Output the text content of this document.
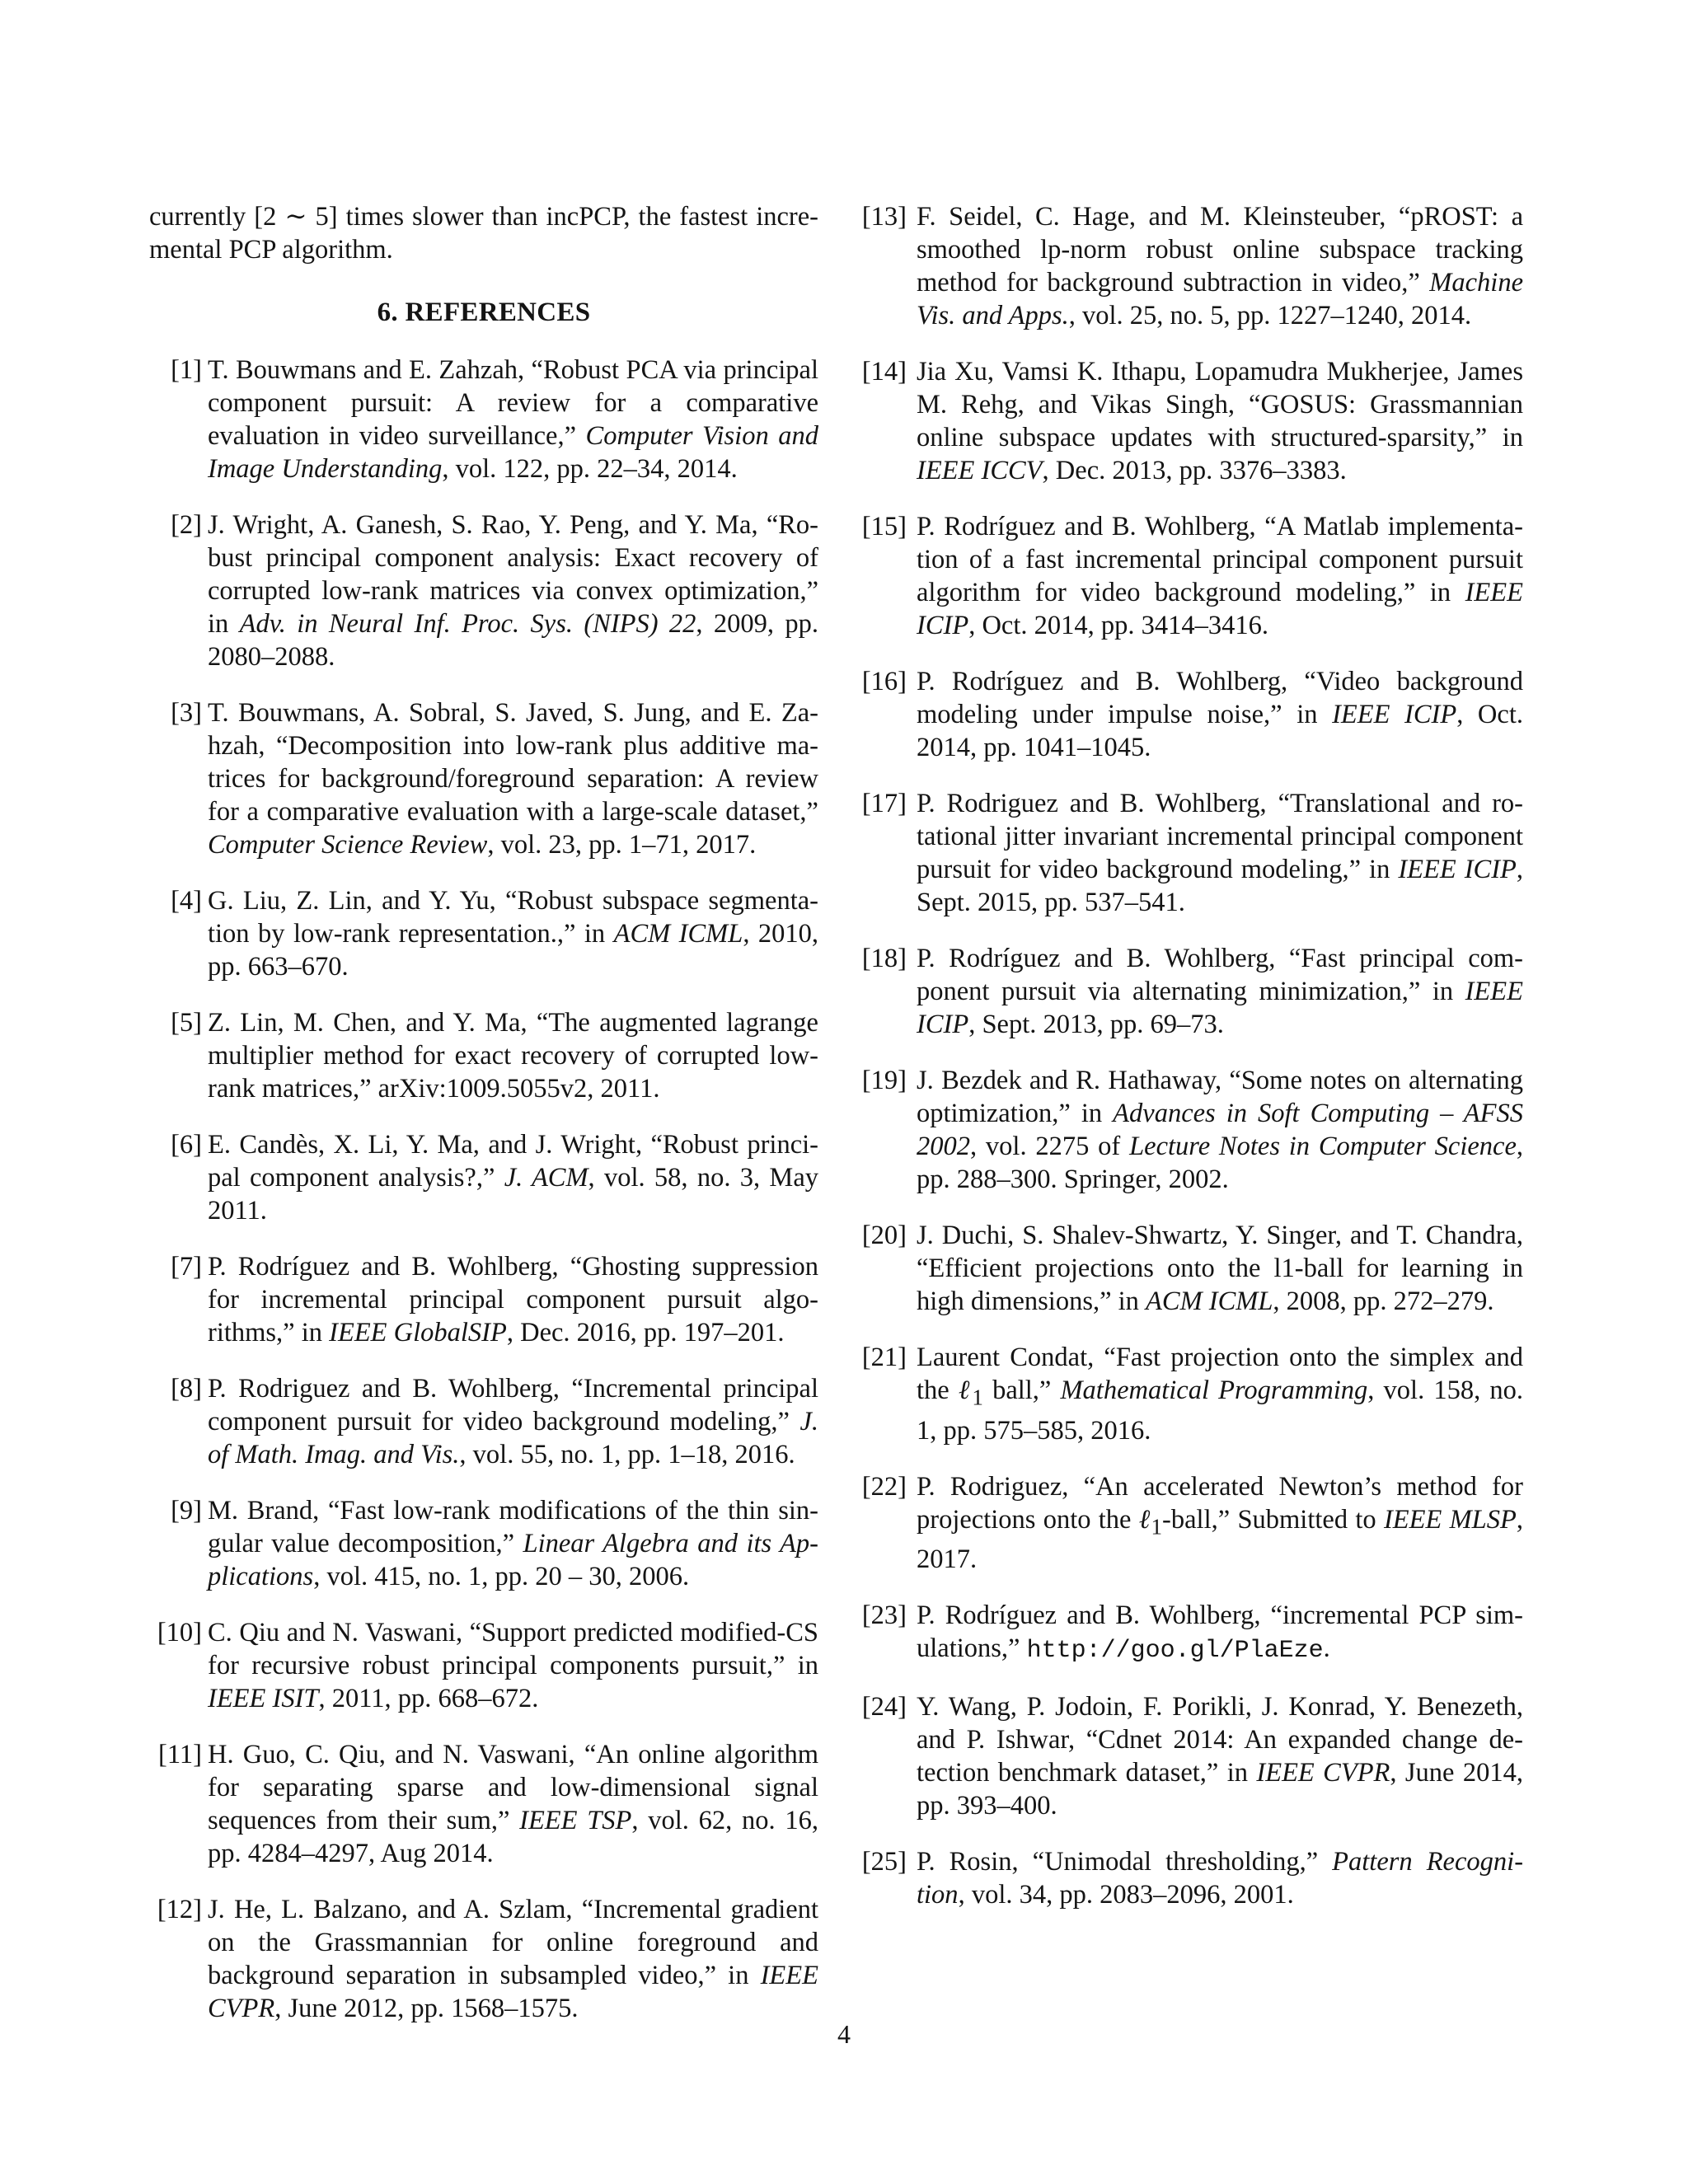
currently [2 ∼ 5] times slower than incPCP, the fastest incremental PCP algorithm.

6. REFERENCES
[1] T. Bouwmans and E. Zahzah, “Robust PCA via principal component pursuit: A review for a comparative evaluation in video surveillance,” Computer Vision and Image Understanding, vol. 122, pp. 22–34, 2014.
[2] J. Wright, A. Ganesh, S. Rao, Y. Peng, and Y. Ma, “Robust principal component analysis: Exact recovery of corrupted low-rank matrices via convex optimization,” in Adv. in Neural Inf. Proc. Sys. (NIPS) 22, 2009, pp. 2080–2088.
[3] T. Bouwmans, A. Sobral, S. Javed, S. Jung, and E. Zahzah, “Decomposition into low-rank plus additive matrices for background/foreground separation: A review for a comparative evaluation with a large-scale dataset,” Computer Science Review, vol. 23, pp. 1–71, 2017.
[4] G. Liu, Z. Lin, and Y. Yu, “Robust subspace segmentation by low-rank representation.,” in ACM ICML, 2010, pp. 663–670.
[5] Z. Lin, M. Chen, and Y. Ma, “The augmented lagrange multiplier method for exact recovery of corrupted low-rank matrices,” arXiv:1009.5055v2, 2011.
[6] E. Candès, X. Li, Y. Ma, and J. Wright, “Robust principal component analysis?,” J. ACM, vol. 58, no. 3, May 2011.
[7] P. Rodríguez and B. Wohlberg, “Ghosting suppression for incremental principal component pursuit algorithms,” in IEEE GlobalSIP, Dec. 2016, pp. 197–201.
[8] P. Rodriguez and B. Wohlberg, “Incremental principal component pursuit for video background modeling,” J. of Math. Imag. and Vis., vol. 55, no. 1, pp. 1–18, 2016.
[9] M. Brand, “Fast low-rank modifications of the thin singular value decomposition,” Linear Algebra and its Applications, vol. 415, no. 1, pp. 20 – 30, 2006.
[10] C. Qiu and N. Vaswani, “Support predicted modified-CS for recursive robust principal components pursuit,” in IEEE ISIT, 2011, pp. 668–672.
[11] H. Guo, C. Qiu, and N. Vaswani, “An online algorithm for separating sparse and low-dimensional signal sequences from their sum,” IEEE TSP, vol. 62, no. 16, pp. 4284–4297, Aug 2014.
[12] J. He, L. Balzano, and A. Szlam, “Incremental gradient on the Grassmannian for online foreground and background separation in subsampled video,” in IEEE CVPR, June 2012, pp. 1568–1575.
[13] F. Seidel, C. Hage, and M. Kleinsteuber, “pROST: a smoothed lp-norm robust online subspace tracking method for background subtraction in video,” Machine Vis. and Apps., vol. 25, no. 5, pp. 1227–1240, 2014.
[14] Jia Xu, Vamsi K. Ithapu, Lopamudra Mukherjee, James M. Rehg, and Vikas Singh, “GOSUS: Grassmannian online subspace updates with structured-sparsity,” in IEEE ICCV, Dec. 2013, pp. 3376–3383.
[15] P. Rodríguez and B. Wohlberg, “A Matlab implementation of a fast incremental principal component pursuit algorithm for video background modeling,” in IEEE ICIP, Oct. 2014, pp. 3414–3416.
[16] P. Rodríguez and B. Wohlberg, “Video background modeling under impulse noise,” in IEEE ICIP, Oct. 2014, pp. 1041–1045.
[17] P. Rodriguez and B. Wohlberg, “Translational and rotational jitter invariant incremental principal component pursuit for video background modeling,” in IEEE ICIP, Sept. 2015, pp. 537–541.
[18] P. Rodríguez and B. Wohlberg, “Fast principal component pursuit via alternating minimization,” in IEEE ICIP, Sept. 2013, pp. 69–73.
[19] J. Bezdek and R. Hathaway, “Some notes on alternating optimization,” in Advances in Soft Computing – AFSS 2002, vol. 2275 of Lecture Notes in Computer Science, pp. 288–300. Springer, 2002.
[20] J. Duchi, S. Shalev-Shwartz, Y. Singer, and T. Chandra, “Efficient projections onto the l1-ball for learning in high dimensions,” in ACM ICML, 2008, pp. 272–279.
[21] Laurent Condat, “Fast projection onto the simplex and the ℓ$_1$ ball,” Mathematical Programming, vol. 158, no. 1, pp. 575–585, 2016.
[22] P. Rodriguez, “An accelerated Newton’s method for projections onto the ℓ$_1$-ball,” Submitted to IEEE MLSP, 2017.
[23] P. Rodríguez and B. Wohlberg, “incremental PCP simulations,” http://goo.gl/PlaEze.
[24] Y. Wang, P. Jodoin, F. Porikli, J. Konrad, Y. Benezeth, and P. Ishwar, “Cdnet 2014: An expanded change detection benchmark dataset,” in IEEE CVPR, June 2014, pp. 393–400.
[25] P. Rosin, “Unimodal thresholding,” Pattern Recognition, vol. 34, pp. 2083–2096, 2001.
4
